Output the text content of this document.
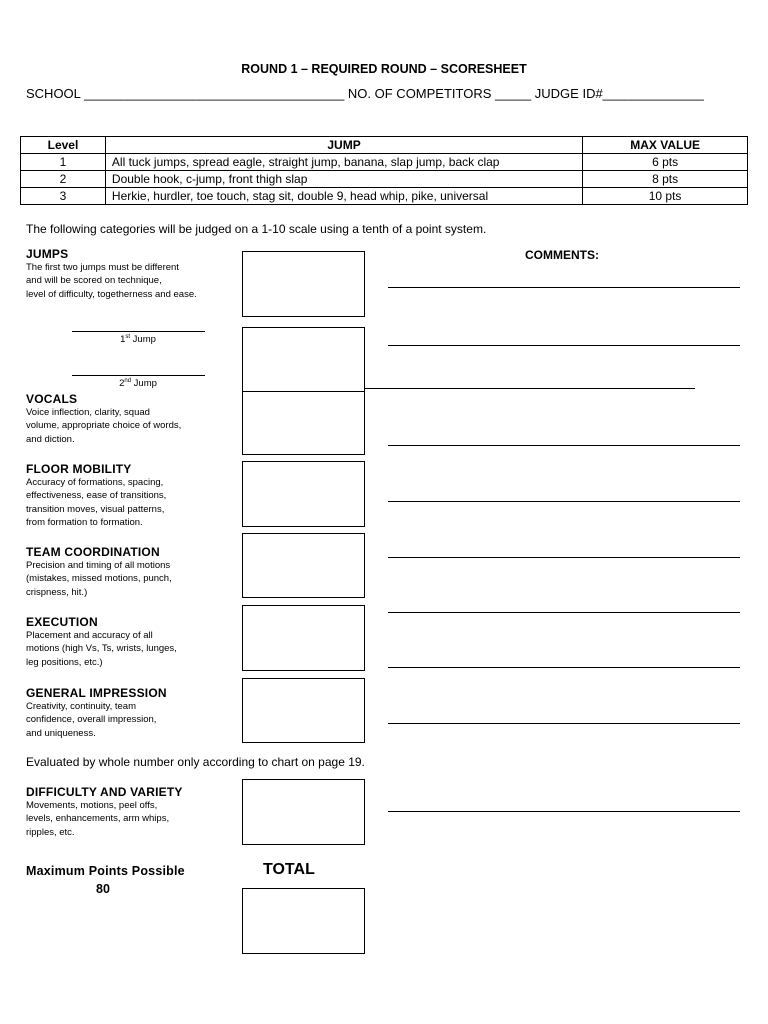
ROUND 1 – REQUIRED ROUND – SCORESHEET
SCHOOL ____________________________________ NO. OF COMPETITORS _____ JUDGE ID#______________
Level	JUMP	MAX VALUE
1	All tuck jumps, spread eagle, straight jump, banana, slap jump, back clap	6 pts
2	Double hook, c-jump, front thigh slap	8 pts
3	Herkie, hurdler, toe touch, stag sit, double 9, head whip, pike, universal	10 pts
The following categories will be judged on a 1-10 scale using a tenth of a point system.
COMMENTS:
JUMPS
The first two jumps must be different
and will be scored on technique,
level of difficulty, togetherness and ease.
1st Jump
2nd Jump
VOCALS
Voice inflection, clarity, squad
volume, appropriate choice of words,
and diction.
FLOOR MOBILITY
Accuracy of formations, spacing,
effectiveness, ease of transitions,
transition moves, visual patterns,
from formation to formation.
TEAM COORDINATION
Precision and timing of all motions
(mistakes, missed motions, punch,
crispness, hit.)
EXECUTION
Placement and accuracy of all
motions (high Vs, Ts, wrists, lunges,
leg positions, etc.)
GENERAL IMPRESSION
Creativity, continuity, team
confidence, overall impression,
and uniqueness.
Evaluated by whole number only according to chart on page 19.
DIFFICULTY AND VARIETY
Movements, motions, peel offs,
levels, enhancements, arm whips,
ripples, etc.
Maximum Points Possible
80
TOTAL
